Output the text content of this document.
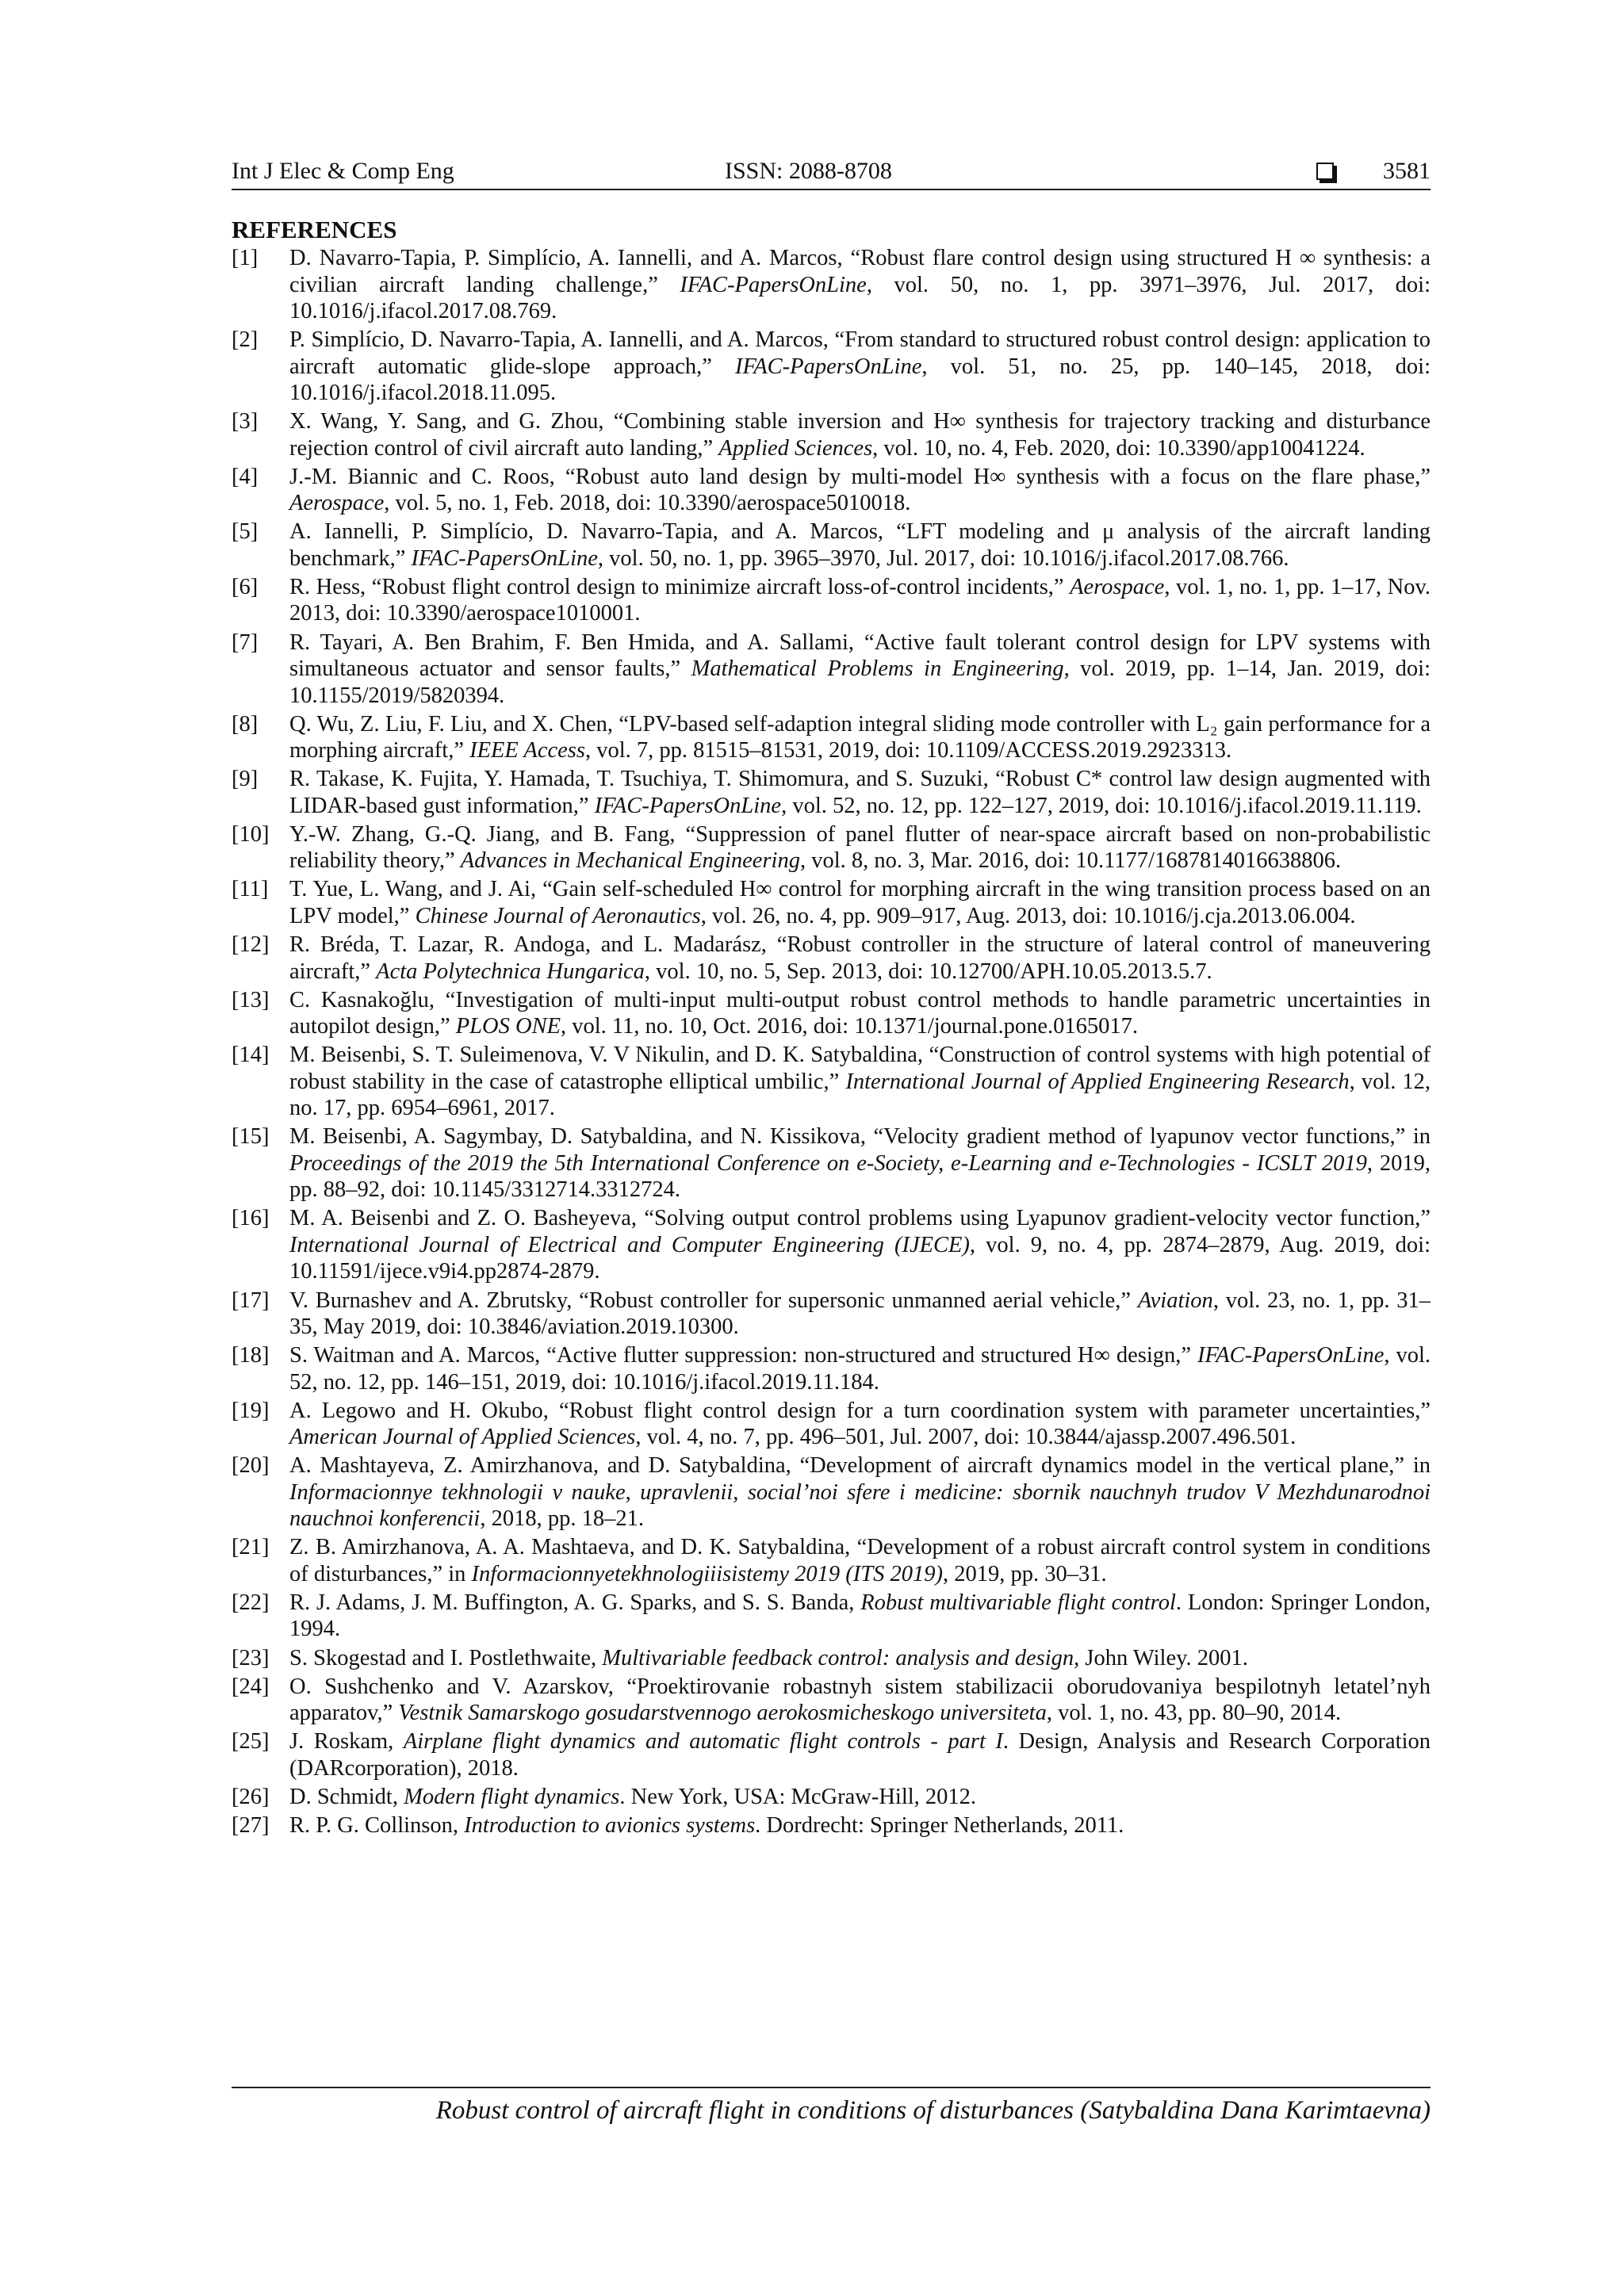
Int J Elec & Comp Eng	ISSN: 2088-8708	3581
REFERENCES
[1] D. Navarro-Tapia, P. Simplício, A. Iannelli, and A. Marcos, “Robust flare control design using structured H ∞ synthesis: a civilian aircraft landing challenge,” IFAC-PapersOnLine, vol. 50, no. 1, pp. 3971–3976, Jul. 2017, doi: 10.1016/j.ifacol.2017.08.769.
[2] P. Simplício, D. Navarro-Tapia, A. Iannelli, and A. Marcos, “From standard to structured robust control design: application to aircraft automatic glide-slope approach,” IFAC-PapersOnLine, vol. 51, no. 25, pp. 140–145, 2018, doi: 10.1016/j.ifacol.2018.11.095.
[3] X. Wang, Y. Sang, and G. Zhou, “Combining stable inversion and H∞ synthesis for trajectory tracking and disturbance rejection control of civil aircraft auto landing,” Applied Sciences, vol. 10, no. 4, Feb. 2020, doi: 10.3390/app10041224.
[4] J.-M. Biannic and C. Roos, “Robust auto land design by multi-model H∞ synthesis with a focus on the flare phase,” Aerospace, vol. 5, no. 1, Feb. 2018, doi: 10.3390/aerospace5010018.
[5] A. Iannelli, P. Simplício, D. Navarro-Tapia, and A. Marcos, “LFT modeling and μ analysis of the aircraft landing benchmark,” IFAC-PapersOnLine, vol. 50, no. 1, pp. 3965–3970, Jul. 2017, doi: 10.1016/j.ifacol.2017.08.766.
[6] R. Hess, “Robust flight control design to minimize aircraft loss-of-control incidents,” Aerospace, vol. 1, no. 1, pp. 1–17, Nov. 2013, doi: 10.3390/aerospace1010001.
[7] R. Tayari, A. Ben Brahim, F. Ben Hmida, and A. Sallami, “Active fault tolerant control design for LPV systems with simultaneous actuator and sensor faults,” Mathematical Problems in Engineering, vol. 2019, pp. 1–14, Jan. 2019, doi: 10.1155/2019/5820394.
[8] Q. Wu, Z. Liu, F. Liu, and X. Chen, “LPV-based self-adaption integral sliding mode controller with L₂ gain performance for a morphing aircraft,” IEEE Access, vol. 7, pp. 81515–81531, 2019, doi: 10.1109/ACCESS.2019.2923313.
[9] R. Takase, K. Fujita, Y. Hamada, T. Tsuchiya, T. Shimomura, and S. Suzuki, “Robust C* control law design augmented with LIDAR-based gust information,” IFAC-PapersOnLine, vol. 52, no. 12, pp. 122–127, 2019, doi: 10.1016/j.ifacol.2019.11.119.
[10] Y.-W. Zhang, G.-Q. Jiang, and B. Fang, “Suppression of panel flutter of near-space aircraft based on non-probabilistic reliability theory,” Advances in Mechanical Engineering, vol. 8, no. 3, Mar. 2016, doi: 10.1177/1687814016638806.
[11] T. Yue, L. Wang, and J. Ai, “Gain self-scheduled H∞ control for morphing aircraft in the wing transition process based on an LPV model,” Chinese Journal of Aeronautics, vol. 26, no. 4, pp. 909–917, Aug. 2013, doi: 10.1016/j.cja.2013.06.004.
[12] R. Bréda, T. Lazar, R. Andoga, and L. Madarász, “Robust controller in the structure of lateral control of maneuvering aircraft,” Acta Polytechnica Hungarica, vol. 10, no. 5, Sep. 2013, doi: 10.12700/APH.10.05.2013.5.7.
[13] C. Kasnakoğlu, “Investigation of multi-input multi-output robust control methods to handle parametric uncertainties in autopilot design,” PLOS ONE, vol. 11, no. 10, Oct. 2016, doi: 10.1371/journal.pone.0165017.
[14] M. Beisenbi, S. T. Suleimenova, V. V Nikulin, and D. K. Satybaldina, “Construction of control systems with high potential of robust stability in the case of catastrophe elliptical umbilic,” International Journal of Applied Engineering Research, vol. 12, no. 17, pp. 6954–6961, 2017.
[15] M. Beisenbi, A. Sagymbay, D. Satybaldina, and N. Kissikova, “Velocity gradient method of lyapunov vector functions,” in Proceedings of the 2019 the 5th International Conference on e-Society, e-Learning and e-Technologies - ICSLT 2019, 2019, pp. 88–92, doi: 10.1145/3312714.3312724.
[16] M. A. Beisenbi and Z. O. Basheyeva, “Solving output control problems using Lyapunov gradient-velocity vector function,” International Journal of Electrical and Computer Engineering (IJECE), vol. 9, no. 4, pp. 2874–2879, Aug. 2019, doi: 10.11591/ijece.v9i4.pp2874-2879.
[17] V. Burnashev and A. Zbrutsky, “Robust controller for supersonic unmanned aerial vehicle,” Aviation, vol. 23, no. 1, pp. 31–35, May 2019, doi: 10.3846/aviation.2019.10300.
[18] S. Waitman and A. Marcos, “Active flutter suppression: non-structured and structured H∞ design,” IFAC-PapersOnLine, vol. 52, no. 12, pp. 146–151, 2019, doi: 10.1016/j.ifacol.2019.11.184.
[19] A. Legowo and H. Okubo, “Robust flight control design for a turn coordination system with parameter uncertainties,” American Journal of Applied Sciences, vol. 4, no. 7, pp. 496–501, Jul. 2007, doi: 10.3844/ajassp.2007.496.501.
[20] A. Mashtayeva, Z. Amirzhanova, and D. Satybaldina, “Development of aircraft dynamics model in the vertical plane,” in Informacionnye tekhnologii v nauke, upravlenii, social’noi sfere i medicine: sbornik nauchnyh trudov V Mezhdunarodnoi nauchnoi konferencii, 2018, pp. 18–21.
[21] Z. B. Amirzhanova, A. A. Mashtaeva, and D. K. Satybaldina, “Development of a robust aircraft control system in conditions of disturbances,” in Informacionnyetekhnologiiisistemy 2019 (ITS 2019), 2019, pp. 30–31.
[22] R. J. Adams, J. M. Buffington, A. G. Sparks, and S. S. Banda, Robust multivariable flight control. London: Springer London, 1994.
[23] S. Skogestad and I. Postlethwaite, Multivariable feedback control: analysis and design, John Wiley. 2001.
[24] O. Sushchenko and V. Azarskov, “Proektirovanie robastnyh sistem stabilizacii oborudovaniya bespilotnyh letatel’nyh apparatov,” Vestnik Samarskogo gosudarstvennogo aerokosmicheskogo universiteta, vol. 1, no. 43, pp. 80–90, 2014.
[25] J. Roskam, Airplane flight dynamics and automatic flight controls - part I. Design, Analysis and Research Corporation (DARcorporation), 2018.
[26] D. Schmidt, Modern flight dynamics. New York, USA: McGraw-Hill, 2012.
[27] R. P. G. Collinson, Introduction to avionics systems. Dordrecht: Springer Netherlands, 2011.
Robust control of aircraft flight in conditions of disturbances (Satybaldina Dana Karimtaevna)
